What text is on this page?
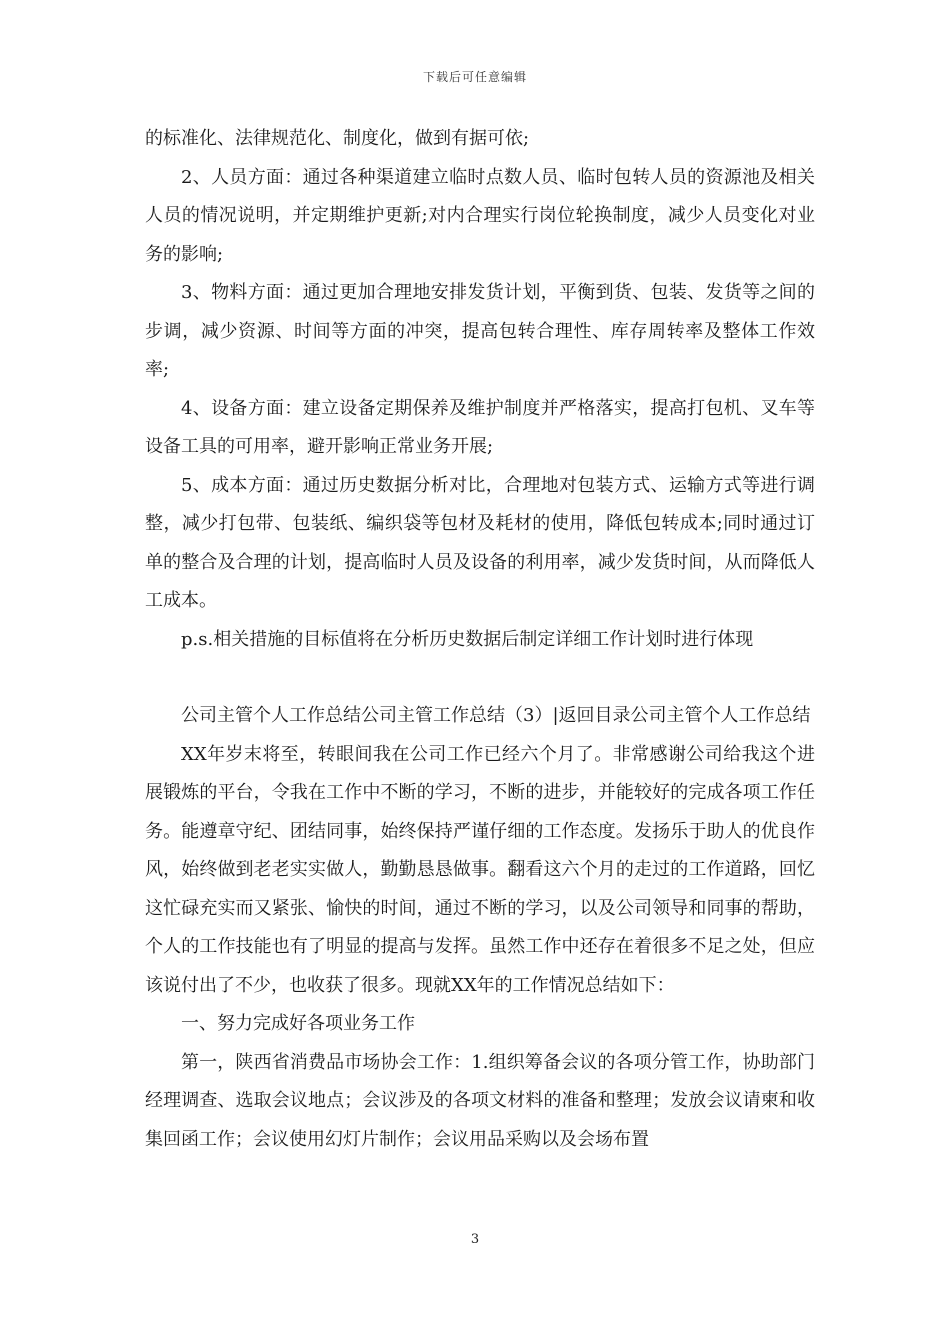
下载后可任意编辑

的标准化、法律规范化、制度化，做到有据可依;

2、人员方面：通过各种渠道建立临时点数人员、临时包转人员的资源池及相关人员的情况说明，并定期维护更新;对内合理实行岗位轮换制度，减少人员变化对业务的影响;

3、物料方面：通过更加合理地安排发货计划，平衡到货、包装、发货等之间的步调，减少资源、时间等方面的冲突，提高包转合理性、库存周转率及整体工作效率;

4、设备方面：建立设备定期保养及维护制度并严格落实，提高打包机、叉车等设备工具的可用率，避开影响正常业务开展;

5、成本方面：通过历史数据分析对比，合理地对包装方式、运输方式等进行调整，减少打包带、包装纸、编织袋等包材及耗材的使用，降低包转成本;同时通过订单的整合及合理的计划，提高临时人员及设备的利用率，减少发货时间，从而降低人工成本。

p.s.相关措施的目标值将在分析历史数据后制定详细工作计划时进行体现

公司主管个人工作总结公司主管工作总结（3）|返回目录公司主管个人工作总结

XX年岁末将至，转眼间我在公司工作已经六个月了。非常感谢公司给我这个进展锻炼的平台，令我在工作中不断的学习，不断的进步，并能较好的完成各项工作任务。能遵章守纪、团结同事，始终保持严谨仔细的工作态度。发扬乐于助人的优良作风，始终做到老老实实做人，勤勤恳恳做事。翻看这六个月的走过的工作道路，回忆这忙碌充实而又紧张、愉快的时间，通过不断的学习，以及公司领导和同事的帮助，个人的工作技能也有了明显的提高与发挥。虽然工作中还存在着很多不足之处，但应该说付出了不少，也收获了很多。现就XX年的工作情况总结如下：

一、努力完成好各项业务工作

第一，陕西省消费品市场协会工作：1.组织筹备会议的各项分管工作，协助部门经理调查、选取会议地点；会议涉及的各项文材料的准备和整理；发放会议请柬和收集回函工作；会议使用幻灯片制作；会议用品采购以及会场布置

3
